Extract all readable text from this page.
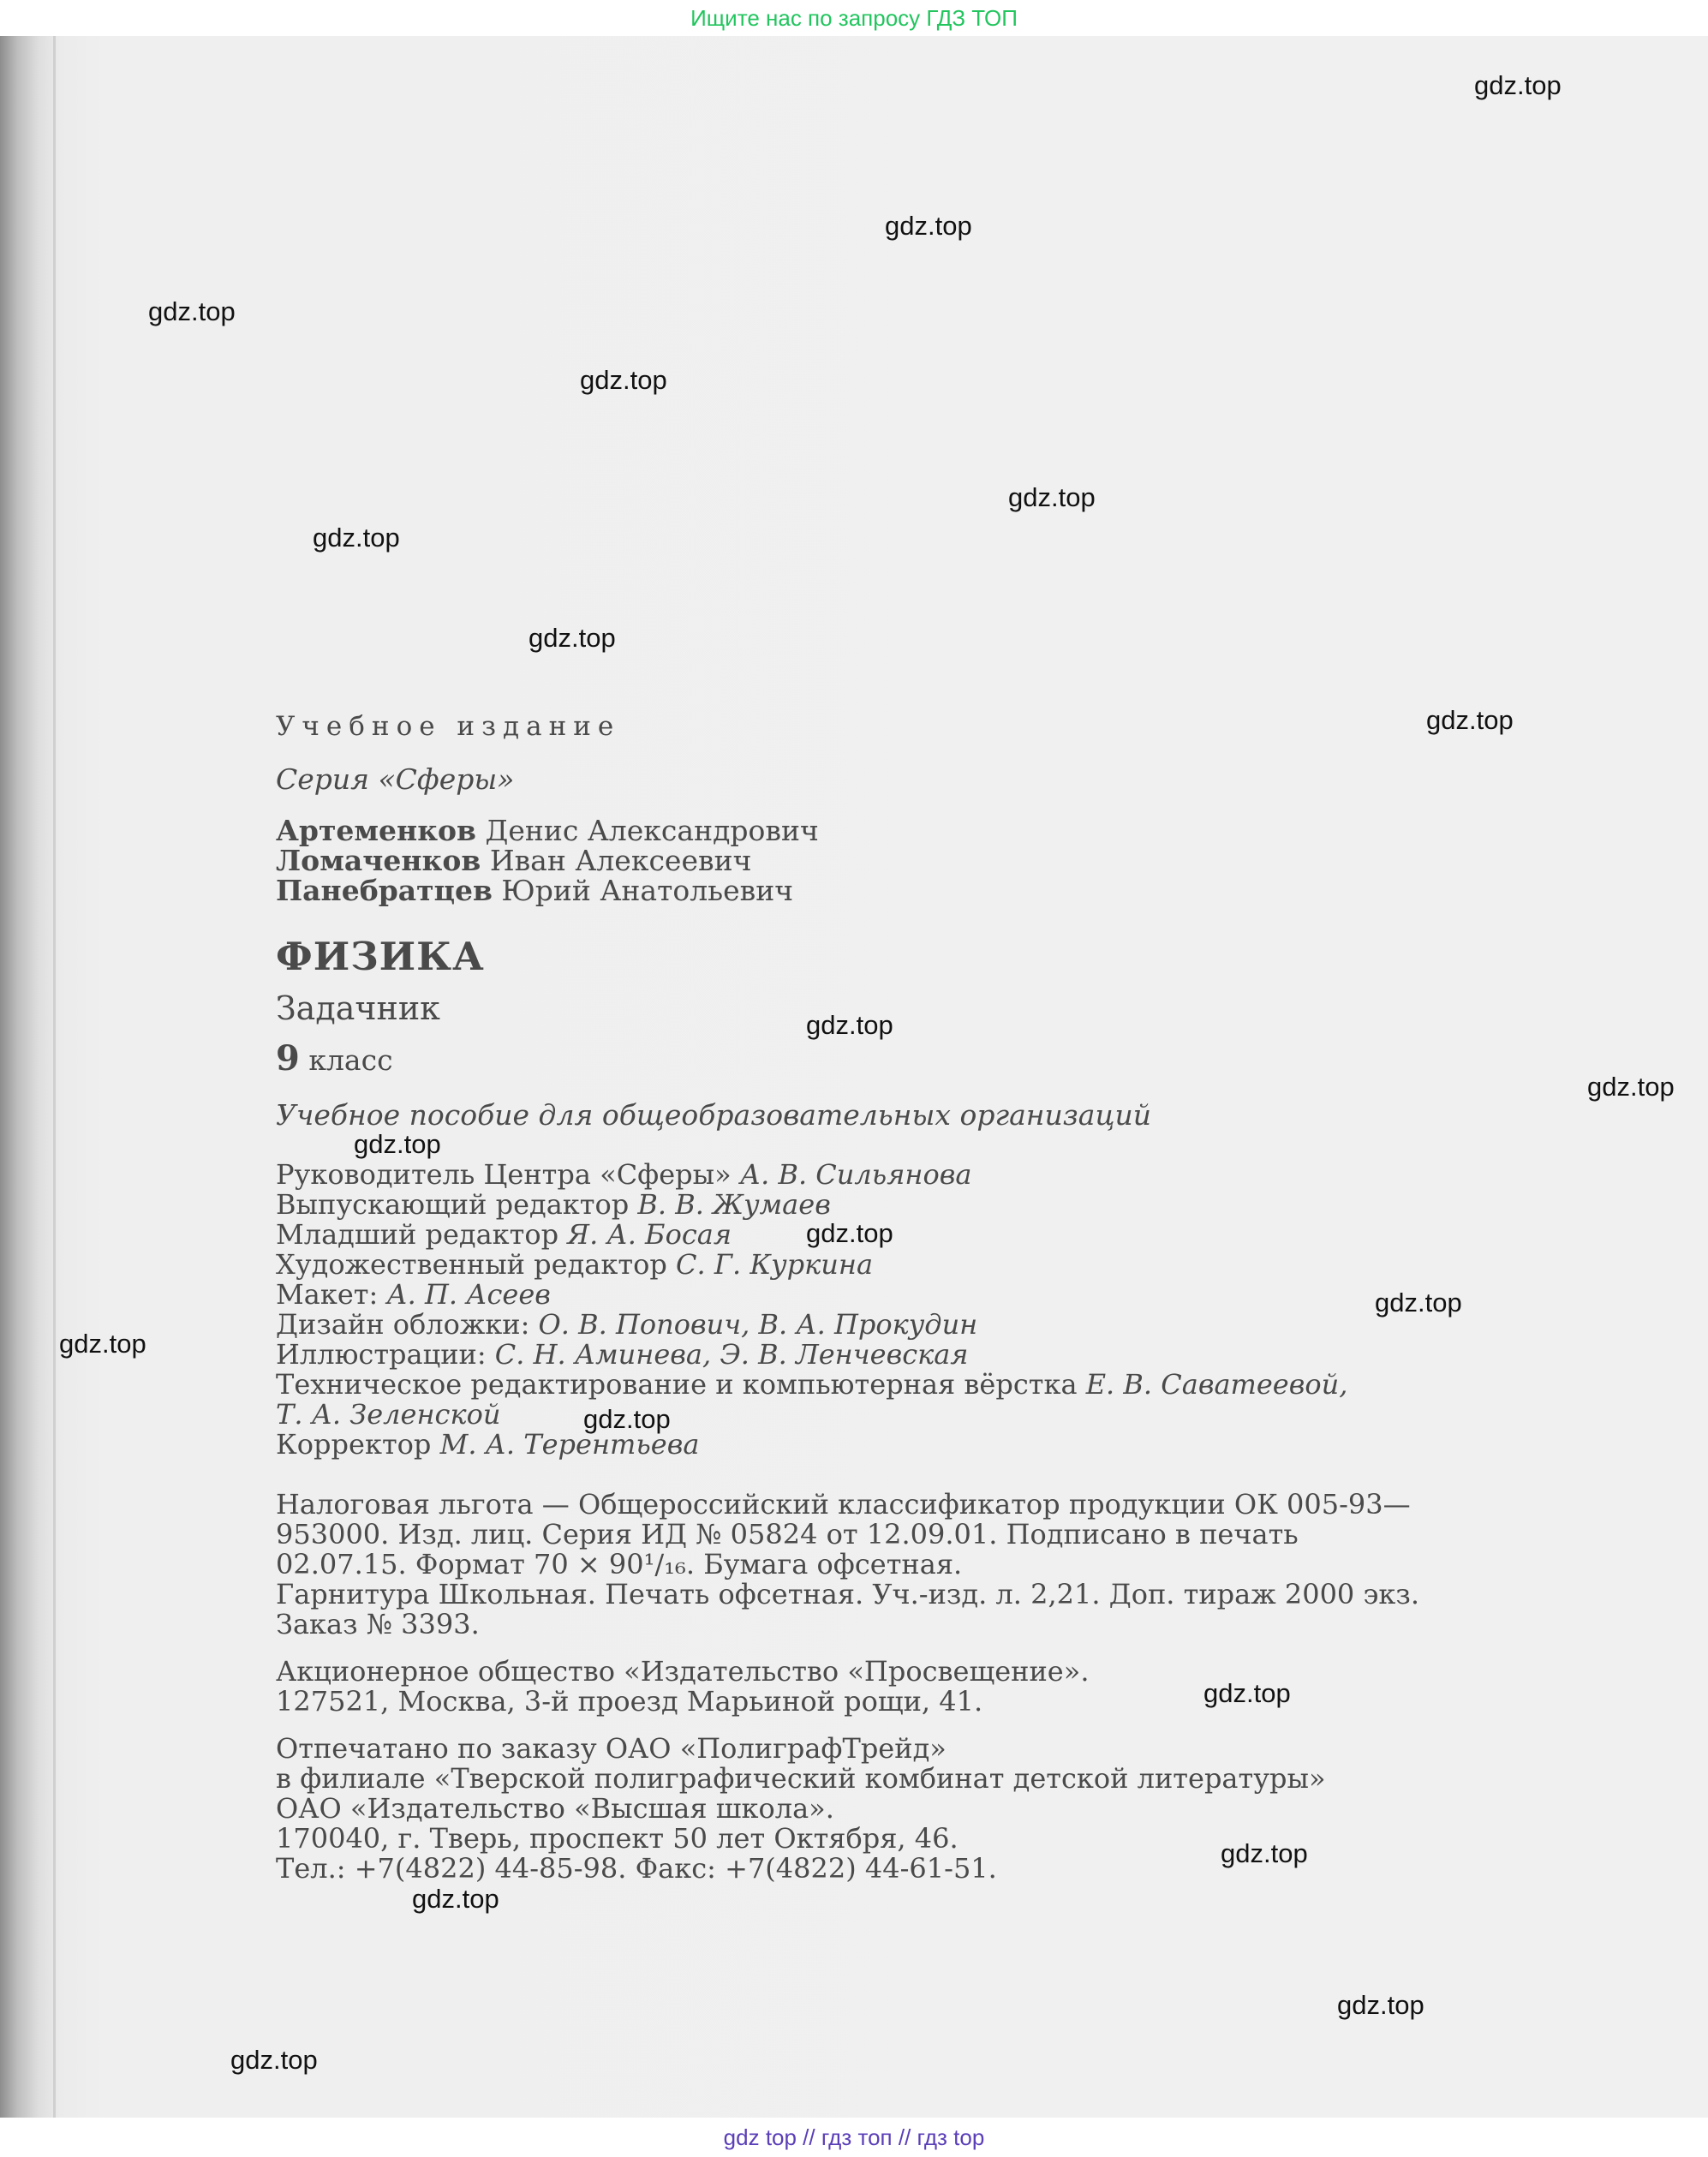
Ищите нас по запросу ГДЗ ТОП
Учебное издание
Серия «Сферы»
Артеменков Денис Александрович
Ломаченков Иван Алексеевич
Панебратцев Юрий Анатольевич
ФИЗИКА
Задачник
9 класс
Учебное пособие для общеобразовательных организаций
Руководитель Центра «Сферы» А. В. Сильянова
Выпускающий редактор В. В. Жумаев
Младший редактор Я. А. Босая
Художественный редактор С. Г. Куркина
Макет: А. П. Асеев
Дизайн обложки: О. В. Попович, В. А. Прокудин
Иллюстрации: С. Н. Аминева, Э. В. Ленчевская
Техническое редактирование и компьютерная вёрстка Е. В. Саватеевой,
Т. А. Зеленской
Корректор М. А. Терентьева
Налоговая льгота — Общероссийский классификатор продукции ОК 005-93—
953000. Изд. лиц. Серия ИД № 05824 от 12.09.01. Подписано в печать
02.07.15. Формат 70 × 90¹/₁₆. Бумага офсетная.
Гарнитура Школьная. Печать офсетная. Уч.-изд. л. 2,21. Доп. тираж 2000 экз.
Заказ № 3393.
Акционерное общество «Издательство «Просвещение».
127521, Москва, 3-й проезд Марьиной рощи, 41.
Отпечатано по заказу ОАО «ПолиграфТрейд»
в филиале «Тверской полиграфический комбинат детской литературы»
ОАО «Издательство «Высшая школа».
170040, г. Тверь, проспект 50 лет Октября, 46.
Тел.: +7(4822) 44-85-98. Факс: +7(4822) 44-61-51.
gdz.top
gdz.top
gdz.top
gdz.top
gdz.top
gdz.top
gdz.top
gdz.top
gdz.top
gdz.top
gdz.top
gdz.top
gdz.top
gdz.top
gdz.top
gdz.top
gdz.top
gdz.top
gdz.top
gdz.top
gdz top // гдз топ // гдз top
